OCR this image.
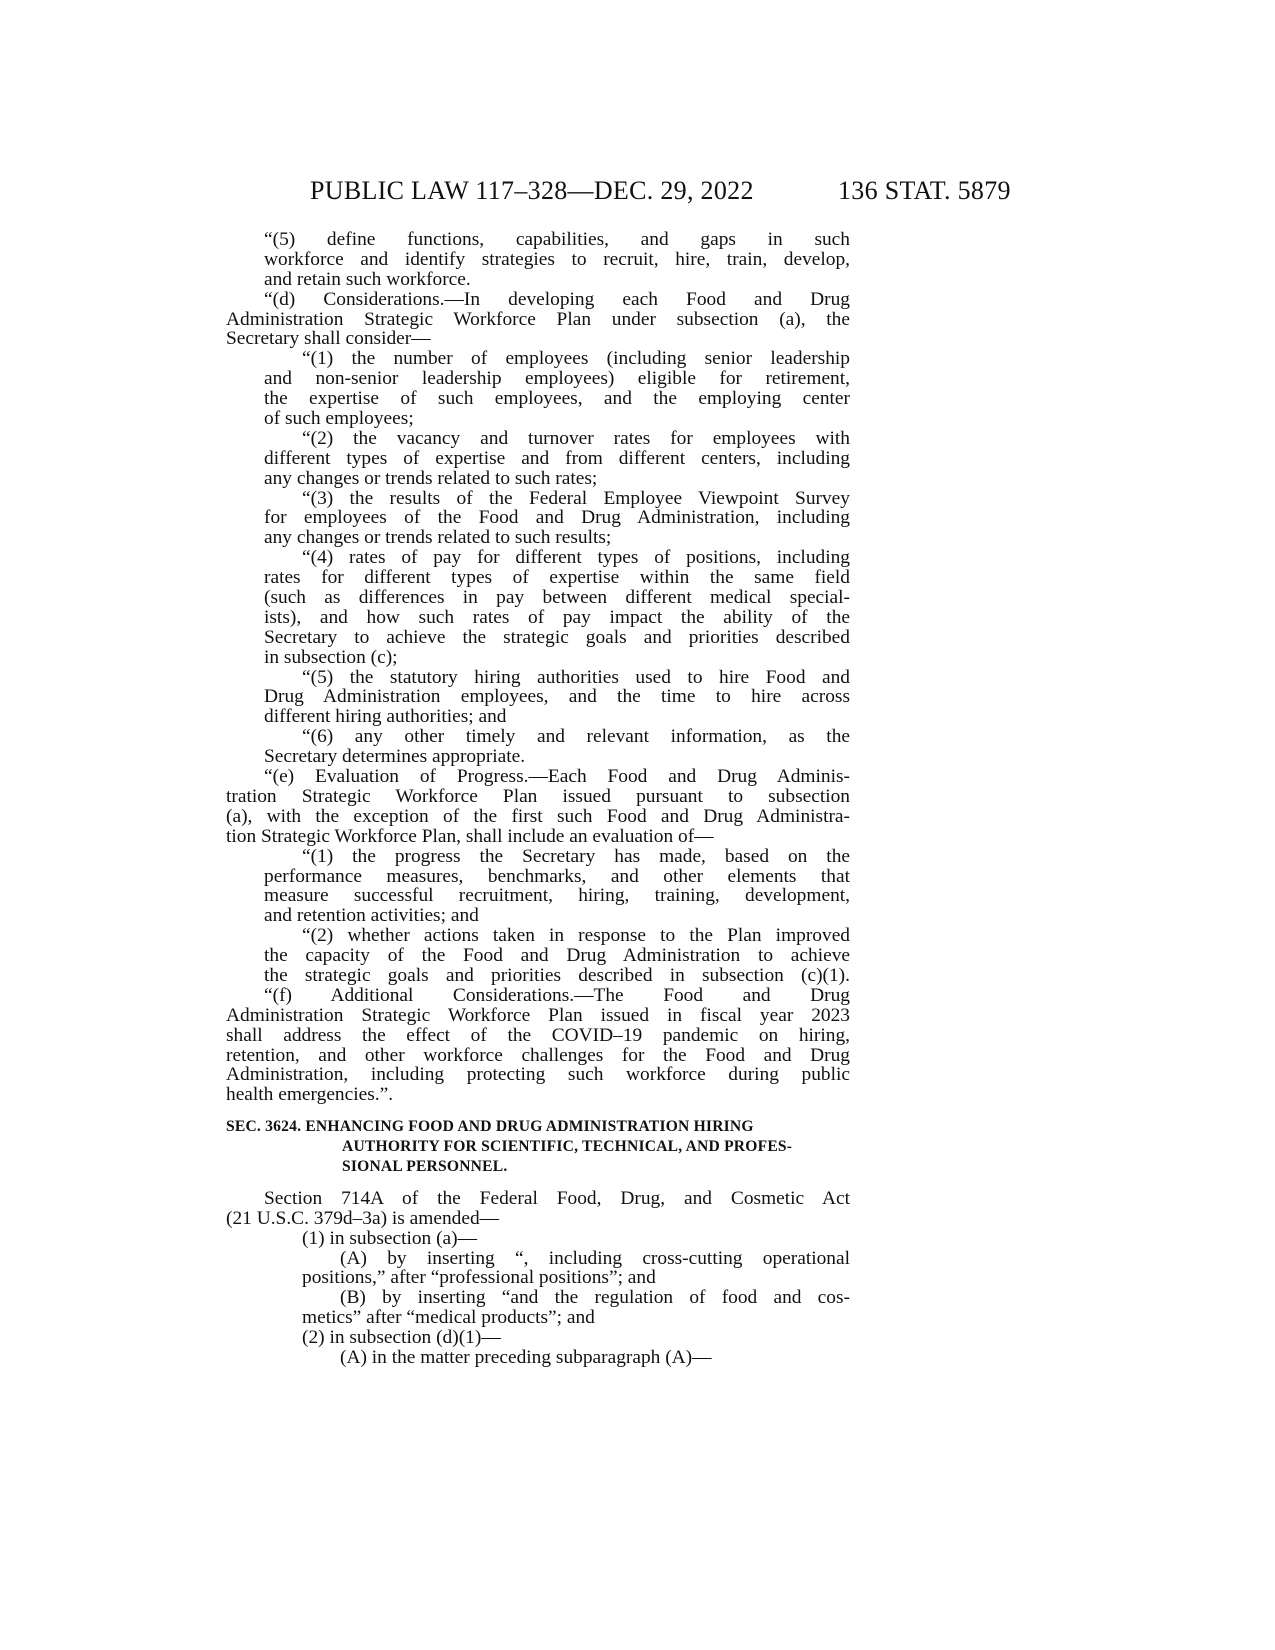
PUBLIC LAW 117–328—DEC. 29, 2022	136 STAT. 5879
“(5) define functions, capabilities, and gaps in such
workforce and identify strategies to recruit, hire, train, develop,
and retain such workforce.
“(d) Considerations.—In developing each Food and Drug
Administration Strategic Workforce Plan under subsection (a), the
Secretary shall consider—
“(1) the number of employees (including senior leadership
and non-senior leadership employees) eligible for retirement,
the expertise of such employees, and the employing center
of such employees;
“(2) the vacancy and turnover rates for employees with
different types of expertise and from different centers, including
any changes or trends related to such rates;
“(3) the results of the Federal Employee Viewpoint Survey
for employees of the Food and Drug Administration, including
any changes or trends related to such results;
“(4) rates of pay for different types of positions, including
rates for different types of expertise within the same field
(such as differences in pay between different medical special-
ists), and how such rates of pay impact the ability of the
Secretary to achieve the strategic goals and priorities described
in subsection (c);
“(5) the statutory hiring authorities used to hire Food and
Drug Administration employees, and the time to hire across
different hiring authorities; and
“(6) any other timely and relevant information, as the
Secretary determines appropriate.
“(e) Evaluation of Progress.—Each Food and Drug Adminis-
tration Strategic Workforce Plan issued pursuant to subsection
(a), with the exception of the first such Food and Drug Administra-
tion Strategic Workforce Plan, shall include an evaluation of—
“(1) the progress the Secretary has made, based on the
performance measures, benchmarks, and other elements that
measure successful recruitment, hiring, training, development,
and retention activities; and
“(2) whether actions taken in response to the Plan improved
the capacity of the Food and Drug Administration to achieve
the strategic goals and priorities described in subsection (c)(1).
“(f) Additional Considerations.—The Food and Drug
Administration Strategic Workforce Plan issued in fiscal year 2023
shall address the effect of the COVID–19 pandemic on hiring,
retention, and other workforce challenges for the Food and Drug
Administration, including protecting such workforce during public
health emergencies.”.
SEC. 3624. ENHANCING FOOD AND DRUG ADMINISTRATION HIRING
AUTHORITY FOR SCIENTIFIC, TECHNICAL, AND PROFES-
SIONAL PERSONNEL.
Section 714A of the Federal Food, Drug, and Cosmetic Act
(21 U.S.C. 379d–3a) is amended—
(1) in subsection (a)—
(A) by inserting “, including cross-cutting operational
positions,” after “professional positions”; and
(B) by inserting “and the regulation of food and cos-
metics” after “medical products”; and
(2) in subsection (d)(1)—
(A) in the matter preceding subparagraph (A)—
